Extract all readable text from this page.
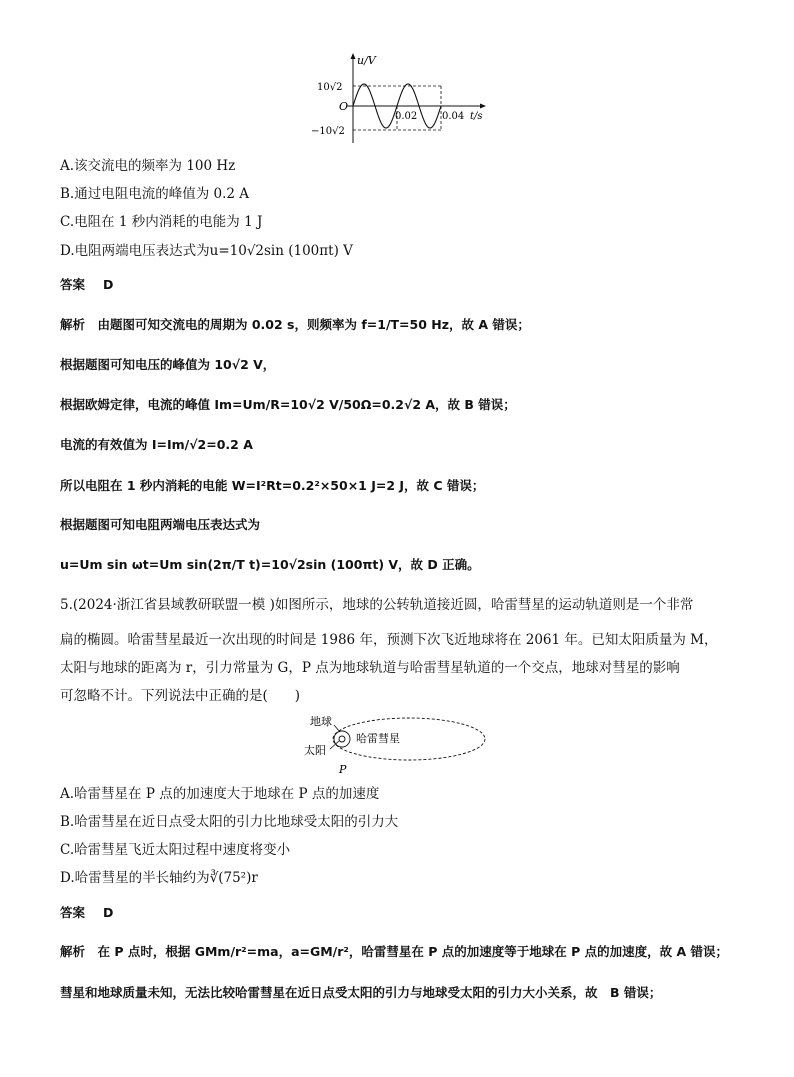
u/V
O
10√2
−10√2
0.02 0.04 t/s
A.该交流电的频率为 100 Hz
B.通过电阻电流的峰值为 0.2 A
C.电阻在 1 秒内消耗的电能为 1 J
D.电阻两端电压表达式为u=10√2sin (100πt) V
答案 D
解析　由题图可知交流电的周期为 0.02 s，则频率为 f=1/T=50 Hz，故 A 错误；
根据题图可知电压的峰值为 10√2 V，
根据欧姆定律，电流的峰值 Im=Um/R=10√2 V/50Ω=0.2√2 A，故 B 错误；
电流的有效值为 I=Im/√2=0.2 A
所以电阻在 1 秒内消耗的电能 W=I²Rt=0.2²×50×1 J=2 J，故 C 错误；
根据题图可知电阻两端电压表达式为
u=Um sin ωt=Um sin(2π/T t)=10√2sin (100πt) V，故 D 正确。
5.(2024·浙江省县域教研联盟一模 )如图所示，地球的公转轨道接近圆，哈雷彗星的运动轨道则是一个非常
扁的椭圆。哈雷彗星最近一次出现的时间是 1986 年，预测下次飞近地球将在 2061 年。已知太阳质量为 M，
太阳与地球的距离为 r，引力常量为 G，P 点为地球轨道与哈雷彗星轨道的一个交点，地球对彗星的影响
可忽略不计。下列说法中正确的是(　　)
地球
太阳
哈雷彗星
P
A.哈雷彗星在 P 点的加速度大于地球在 P 点的加速度
B.哈雷彗星在近日点受太阳的引力比地球受太阳的引力大
C.哈雷彗星飞近太阳过程中速度将变小
D.哈雷彗星的半长轴约为∛(75²)r
答案 D
解析　在 P 点时，根据 GMm/r²=ma，a=GM/r²，哈雷彗星在 P 点的加速度等于地球在 P 点的加速度，故 A 错误；
彗星和地球质量未知，无法比较哈雷彗星在近日点受太阳的引力与地球受太阳的引力大小关系，故　B 错误；
